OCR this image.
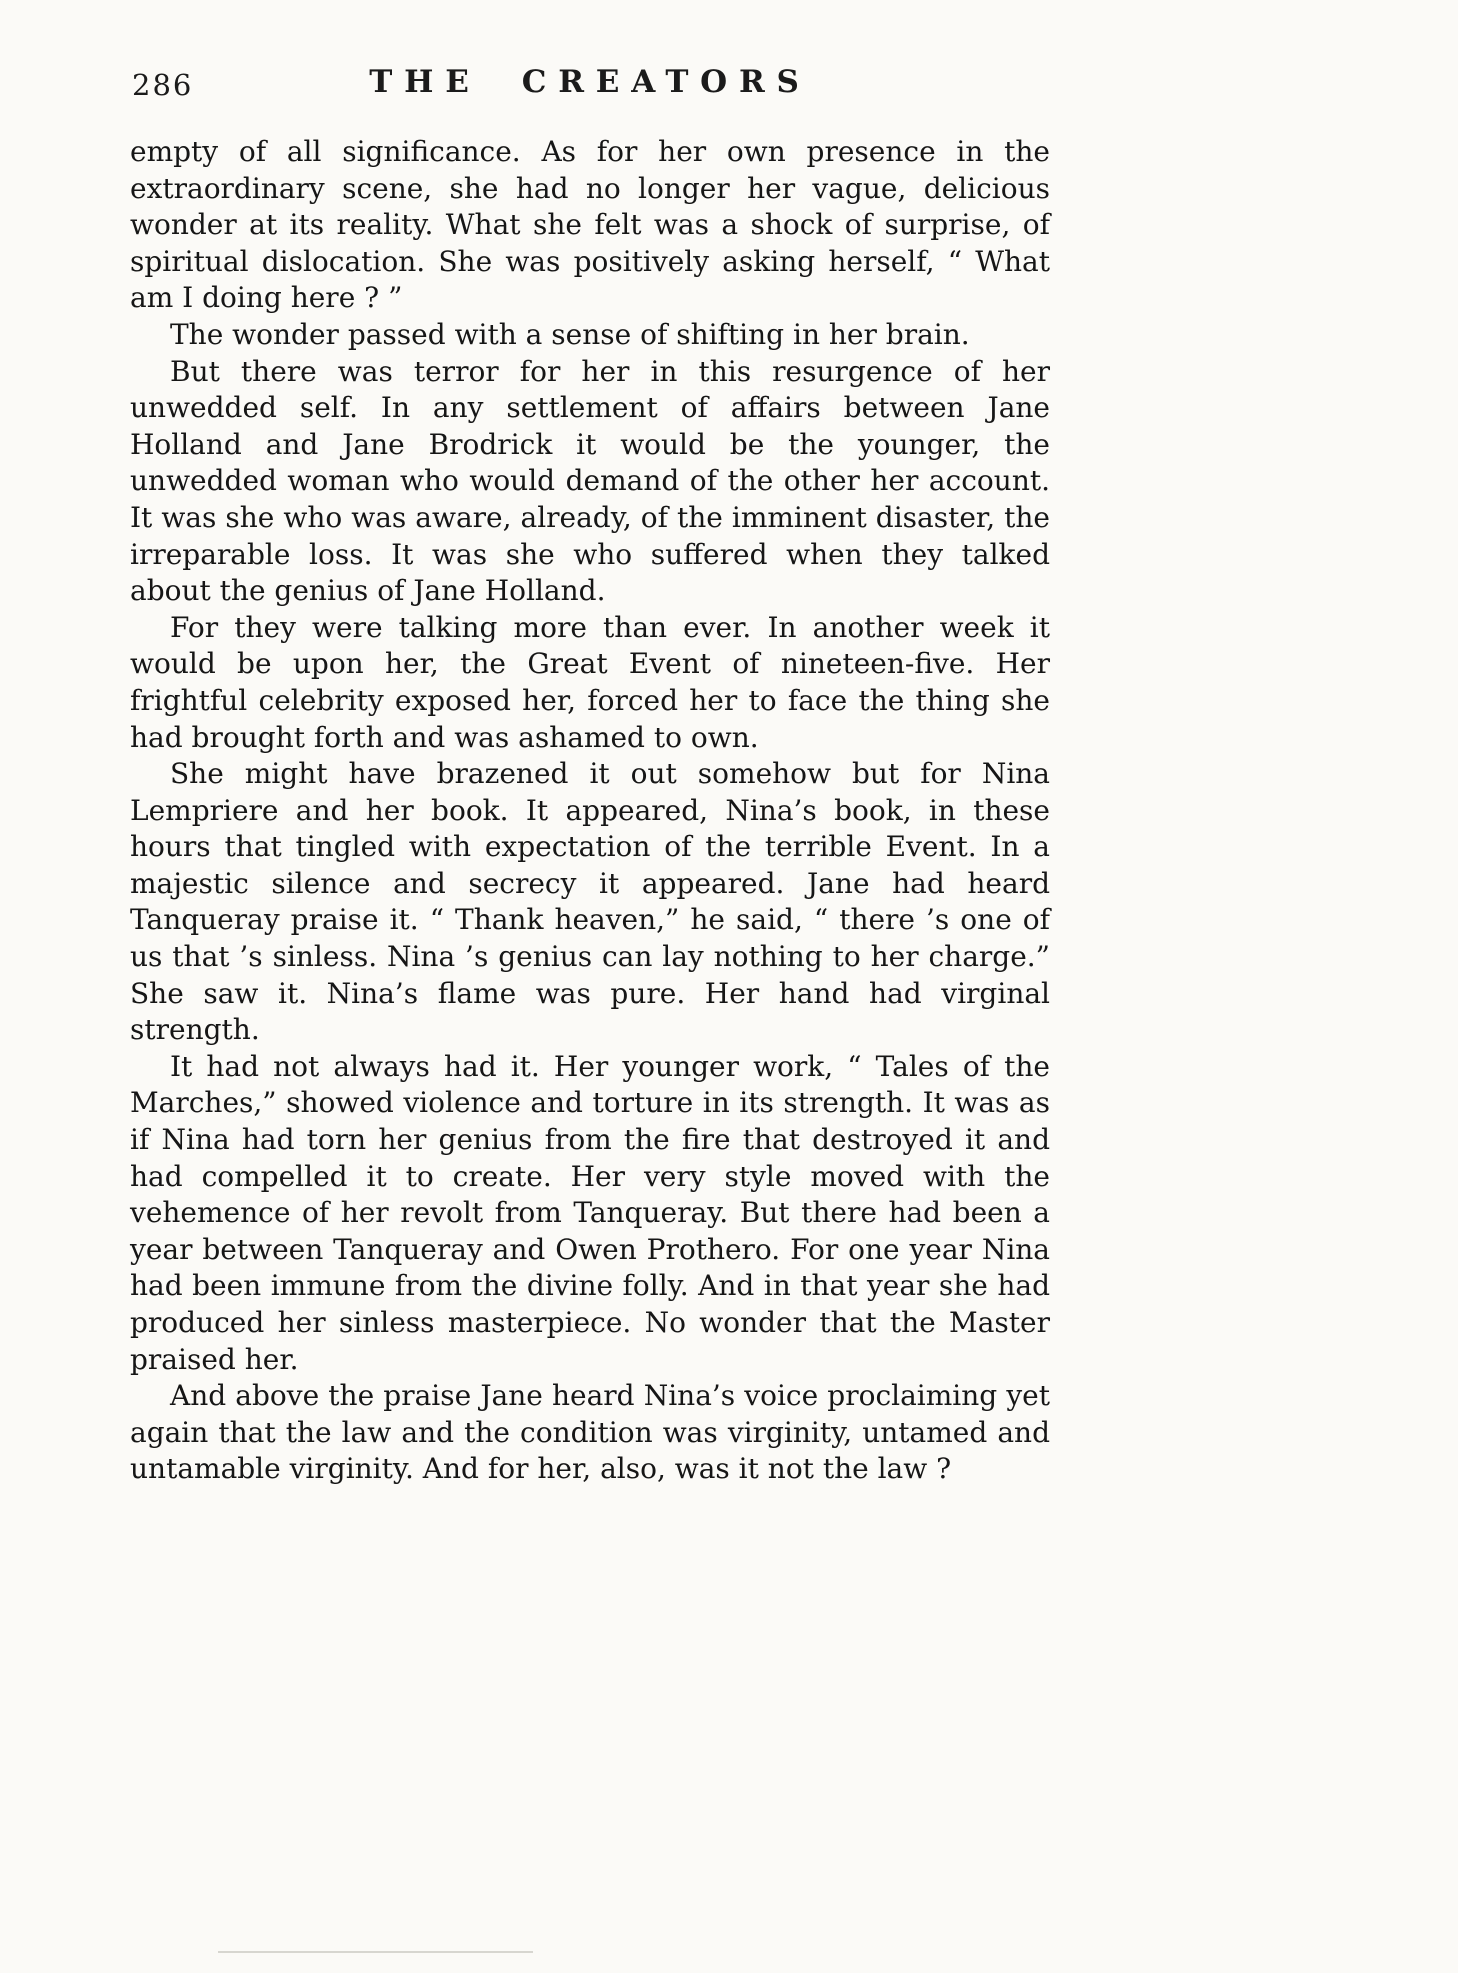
286	THE CREATORS

empty of all significance. As for her own presence in the extraordinary scene, she had no longer her vague, delicious wonder at its reality. What she felt was a shock of surprise, of spiritual dislocation. She was positively asking herself, “ What am I doing here ? ”

The wonder passed with a sense of shifting in her brain.

But there was terror for her in this resurgence of her unwedded self. In any settlement of affairs between Jane Holland and Jane Brodrick it would be the younger, the unwedded woman who would demand of the other her account. It was she who was aware, already, of the imminent disaster, the irreparable loss. It was she who suffered when they talked about the genius of Jane Holland.

For they were talking more than ever. In another week it would be upon her, the Great Event of nineteen-five. Her frightful celebrity exposed her, forced her to face the thing she had brought forth and was ashamed to own.

She might have brazened it out somehow but for Nina Lempriere and her book. It appeared, Nina’s book, in these hours that tingled with expectation of the terrible Event. In a majestic silence and secrecy it appeared. Jane had heard Tanqueray praise it. “ Thank heaven,” he said, “ there ’s one of us that ’s sinless. Nina ’s genius can lay nothing to her charge.” She saw it. Nina’s flame was pure. Her hand had virginal strength.

It had not always had it. Her younger work, “ Tales of the Marches,” showed violence and torture in its strength. It was as if Nina had torn her genius from the fire that destroyed it and had compelled it to create. Her very style moved with the vehemence of her revolt from Tanqueray. But there had been a year between Tanqueray and Owen Prothero. For one year Nina had been immune from the divine folly. And in that year she had produced her sinless masterpiece. No wonder that the Master praised her.

And above the praise Jane heard Nina’s voice proclaiming yet again that the law and the condition was virginity, untamed and untamable virginity. And for her, also, was it not the law ?
